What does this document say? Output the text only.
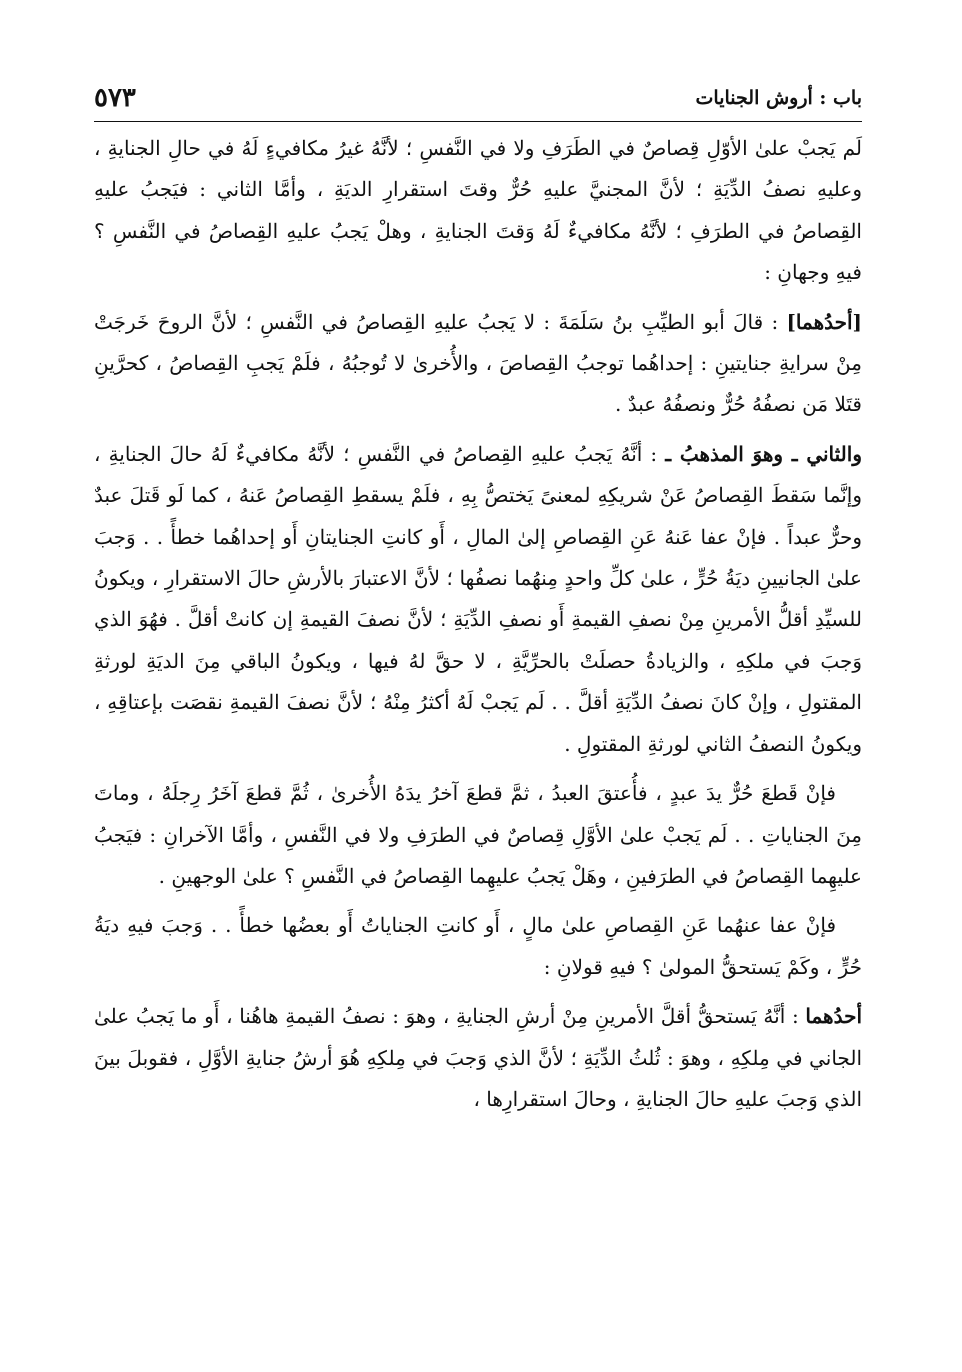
باب : أروش الجنايات
٥٧٣

لَم يَجبْ علىٰ الأوّلِ قِصاصٌ في الطَرَفِ ولا في النَّفسِ ؛ لأنَّهُ غيرُ مكافيءٍ لَهُ في حالِ الجنايةِ ، وعليهِ نصفُ الدِّيَةِ ؛ لأنَّ المجنيَّ عليهِ حُرٌّ وقتَ استقرارِ الديَةِ ، وأمَّا الثاني : فيَجبُ عليهِ القِصاصُ في الطرَفِ ؛ لأنَّهُ مكافيءٌ لَهُ وَقتَ الجنايةِ ، وهلْ يَجبُ عليهِ القِصاصُ في النَّفسِ ؟ فيهِ وجهانِ :

[أحدُهما] : قالَ أبو الطيِّبِ بنُ سَلَمَةَ : لا يَجبُ عليهِ القِصاصُ في النَّفسِ ؛ لأنَّ الروحَ خَرجَتْ مِنْ سرايةِ جنايتينِ : إحداهُما توجبُ القِصاصَ ، والأُخرىٰ لا تُوجبُهُ ، فلَمْ يَجبِ القِصاصُ ، كحرَّينِ قتَلا مَن نصفُهُ حُرٌّ ونصفُهُ عبدٌ .

والثاني ـ وهوَ المذهبُ ـ : أنَّهُ يَجبُ عليهِ القِصاصُ في النَّفسِ ؛ لأنَّهُ مكافيءٌ لَهُ حالَ الجنايةِ ، وإنَّما سَقطَ القِصاصُ عَنْ شريكِهِ لمعنىً يَختصُّ بِهِ ، فلَمْ يسقطِ القِصاصُ عَنهُ ، كما لَو قَتلَ عبدٌ وحرٌّ عبداً . فإنْ عفا عَنهُ عَنِ القِصاصِ إلىٰ المالِ ، أَو كانتِ الجنايتانِ أَو إحداهُما خطأً . . وَجبَ علىٰ الجانيينِ ديَةُ حُرٍّ ، علىٰ كلِّ واحدٍ مِنهُما نصفُها ؛ لأنَّ الاعتبارَ بالأرشِ حالَ الاستقرارِ ، ويكونُ للسيِّدِ أقلُّ الأمرينِ مِنْ نصفِ القيمةِ أَو نصفِ الدِّيَةِ ؛ لأنَّ نصفَ القيمةِ إن كانتْ أقلَّ . فهُوَ الذي وَجبَ في ملكِهِ ، والزيادةُ حصلَتْ بالحرِّيَّةِ ، لا حقَّ لهُ فيها ، ويكونُ الباقي مِنَ الديَةِ لورثةِ المقتولِ ، وإنْ كانَ نصفُ الدِّيَةِ أقلَّ . . لَم يَجبْ لَهُ أكثرُ مِنْهُ ؛ لأنَّ نصفَ القيمةِ نقصَت بإعتاقِهِ ، ويكونُ النصفُ الثاني لورثةِ المقتولِ .

فإنْ قَطعَ حُرٌّ يدَ عبدٍ ، فأُعتقَ العبدُ ، ثمَّ قطعَ آخرُ يدَهُ الأُخرىٰ ، ثُمَّ قطعَ آخَرُ رِجلَهُ ، وماتَ مِنَ الجناياتِ . . لَم يَجبْ علىٰ الأوَّلِ قِصاصٌ في الطرَفِ ولا في النَّفسِ ، وأمَّا الآخرانِ : فيَجبُ عليهِما القِصاصُ في الطرَفينِ ، وهَلْ يَجبُ عليهِما القِصاصُ في النَّفسِ ؟ علىٰ الوجهينِ .

فإنْ عفا عنهُما عَنِ القِصاصِ علىٰ مالٍ ، أَو كانتِ الجناياتُ أَو بعضُها خطأً . . وَجبَ فيهِ ديَةُ حُرٍّ ، وكَمْ يَستحقُّ المولىٰ ؟ فيهِ قولانِ :

أحدُهما : أنَّهُ يَستحقُّ أقلَّ الأمرينِ مِنْ أرشِ الجنايةِ ، وهوَ : نصفُ القيمةِ هاهُنا ، أَو ما يَجبُ علىٰ الجاني في مِلكِهِ ، وهوَ : ثُلثُ الدِّيَةِ ؛ لأنَّ الذي وَجبَ في مِلكِهِ هُوَ أرشُ جنايةِ الأوَّلِ ، فقوبلَ بينَ الذي وَجبَ عليهِ حالَ الجنايةِ ، وحالَ استقرارِها ،
